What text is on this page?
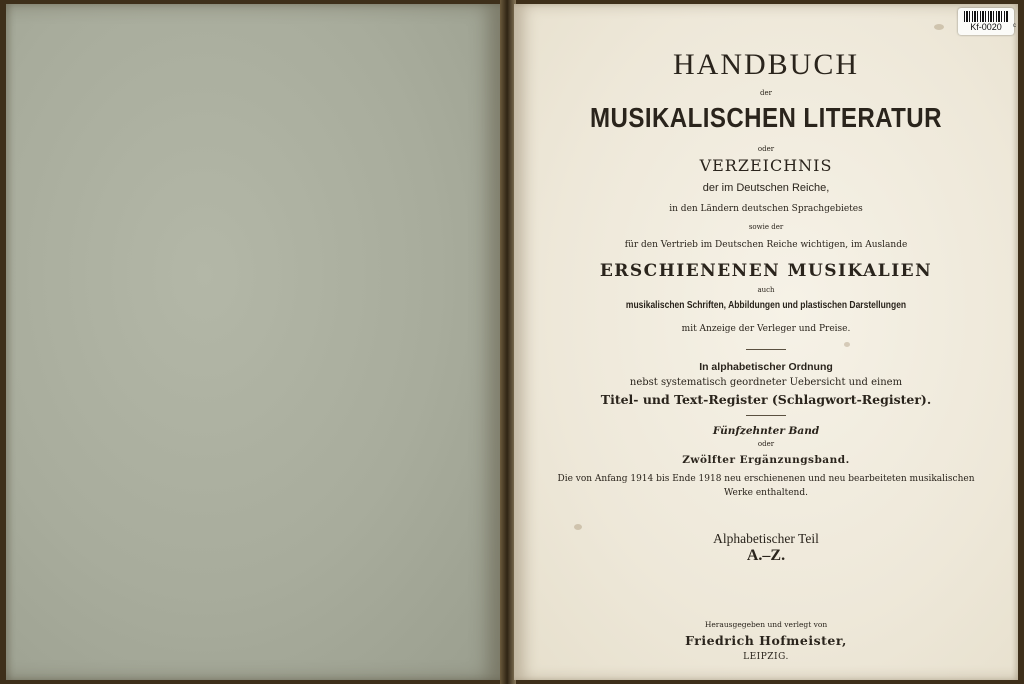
HANDBUCH
der
MUSIKALISCHEN LITERATUR
oder
VERZEICHNIS
der im Deutschen Reiche,
in den Ländern deutschen Sprachgebietes
sowie der
für den Vertrieb im Deutschen Reiche wichtigen, im Auslande
ERSCHIENENEN MUSIKALIEN
auch
musikalischen Schriften, Abbildungen und plastischen Darstellungen
mit Anzeige der Verleger und Preise.
In alphabetischer Ordnung
nebst systematisch geordneter Uebersicht und einem
Titel- und Text-Register (Schlagwort-Register).
Fünfzehnter Band
oder
Zwölfter Ergänzungsband.
Die von Anfang 1914 bis Ende 1918 neu erschienenen und neu bearbeiteten musikalischen
Werke enthaltend.
Alphabetischer Teil
A.–Z.
Herausgegeben und verlegt von
Friedrich Hofmeister,
LEIPZIG.
Kf-0020	c
